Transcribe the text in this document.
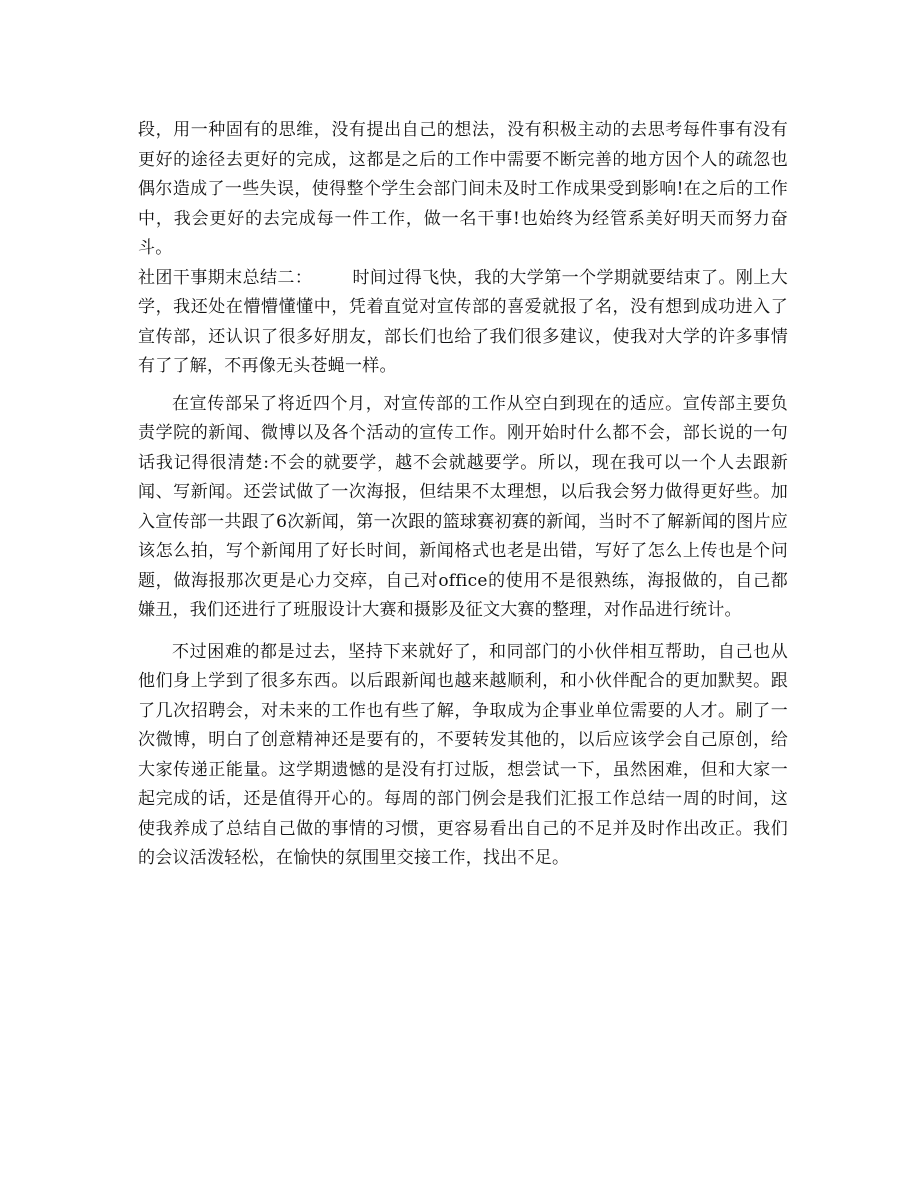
段，用一种固有的思维，没有提出自己的想法，没有积极主动的去思考每件事有没有更好的途径去更好的完成，这都是之后的工作中需要不断完善的地方因个人的疏忽也偶尔造成了一些失误，使得整个学生会部门间未及时工作成果受到影响!在之后的工作中，我会更好的去完成每一件工作，做一名干事!也始终为经管系美好明天而努力奋斗。

社团干事期末总结二： 时间过得飞快，我的大学第一个学期就要结束了。刚上大学，我还处在懵懵懂懂中，凭着直觉对宣传部的喜爱就报了名，没有想到成功进入了宣传部，还认识了很多好朋友，部长们也给了我们很多建议，使我对大学的许多事情有了了解，不再像无头苍蝇一样。

在宣传部呆了将近四个月，对宣传部的工作从空白到现在的适应。宣传部主要负责学院的新闻、微博以及各个活动的宣传工作。刚开始时什么都不会，部长说的一句话我记得很清楚:不会的就要学，越不会就越要学。所以，现在我可以一个人去跟新闻、写新闻。还尝试做了一次海报，但结果不太理想，以后我会努力做得更好些。加入宣传部一共跟了6次新闻，第一次跟的篮球赛初赛的新闻，当时不了解新闻的图片应该怎么拍，写个新闻用了好长时间，新闻格式也老是出错，写好了怎么上传也是个问题，做海报那次更是心力交瘁，自己对office的使用不是很熟练，海报做的，自己都嫌丑，我们还进行了班服设计大赛和摄影及征文大赛的整理，对作品进行统计。

不过困难的都是过去，坚持下来就好了，和同部门的小伙伴相互帮助，自己也从他们身上学到了很多东西。以后跟新闻也越来越顺利，和小伙伴配合的更加默契。跟了几次招聘会，对未来的工作也有些了解，争取成为企事业单位需要的人才。刷了一次微博，明白了创意精神还是要有的，不要转发其他的，以后应该学会自己原创，给大家传递正能量。这学期遗憾的是没有打过版，想尝试一下，虽然困难，但和大家一起完成的话，还是值得开心的。每周的部门例会是我们汇报工作总结一周的时间，这使我养成了总结自己做的事情的习惯，更容易看出自己的不足并及时作出改正。我们的会议活泼轻松，在愉快的氛围里交接工作，找出不足。
